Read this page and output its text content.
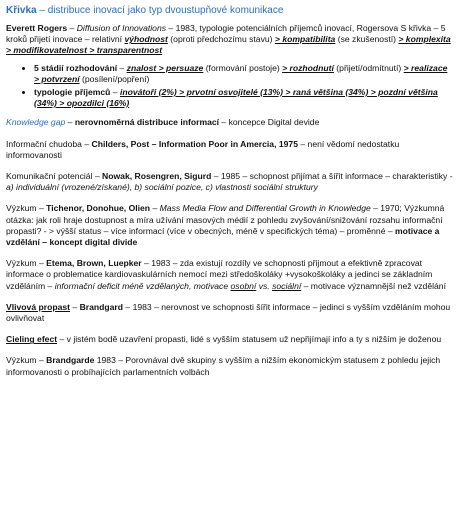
Křivka – distribuce inovací jako typ dvoustupňové komunikace
Everett Rogers – Diffusion of Innovations – 1983, typologie potenciálních příjemců inovací, Rogersova S křivka – 5 kroků přijetí inovace – relativní výhodnost (oproti předchozímu stavu) > kompatibilita (se zkušeností) > komplexita > modifikovatelnost > transparentnost
• 5 stádií rozhodování – znalost > persuaze (formování postoje) > rozhodnutí (přijetí/odmítnutí) > realizace > potvrzení (posílení/popření)
• typologie příjemců – inovátoři (2%) > prvotní osvojitelé (13%) > raná většina (34%) > pozdní většina (34%) > opozdilci (16%)
Knowledge gap – nerovnoměrná distribuce informací – koncepce Digital devide
Informační chudoba – Childers, Post – Information Poor in Amercia, 1975 – není vědomí nedostatku informovanosti
Komunikační potenciál – Nowak, Rosengren, Sigurd – 1985 – schopnost přijímat a šířit informace – charakteristiky - a) individuální (vrozené/získané), b) sociální pozice, c) vlastnosti sociální struktury
Výzkum – Tichenor, Donohue, Olien – Mass Media Flow and Differential Growth in Knowledge – 1970; Výzkumná otázka: jak roli hraje dostupnost a míra užívání masových médií z pohledu zvyšování/snižování rozsahu informační propasti? - > výšší status – více informací (více v obecných, méně v specifických téma) – proměnné – motivace a vzdělání – koncept digital divide
Výzkum – Etema, Brown, Luepker – 1983 – zda existují rozdíly ve schopnosti přijmout a efektivně zpracovat informace o problematice kardiovaskulárních nemocí mezi středoškoláky +vysokoškoláky a jedinci se základním vzděláním – informační deficit méně vzdělaných, motivace osobní vs. sociální – motivace významnější než vzdělání
Vlivová propast – Brandgard – 1983 – nerovnost ve schopnosti šířit informace – jedinci s vyšším vzděláním mohou ovlivňovat
Cieling efect – v jistém bodě uzavření propasti, lidé s vyšším statusem už nepřijímají info a ty s nižším je doženou
Výzkum – Brandgarde 1983 – Porovnával dvě skupiny s vyšším a nižším ekonomickým statusem z pohledu jejich informovanosti o probíhajících parlamentních volbách
